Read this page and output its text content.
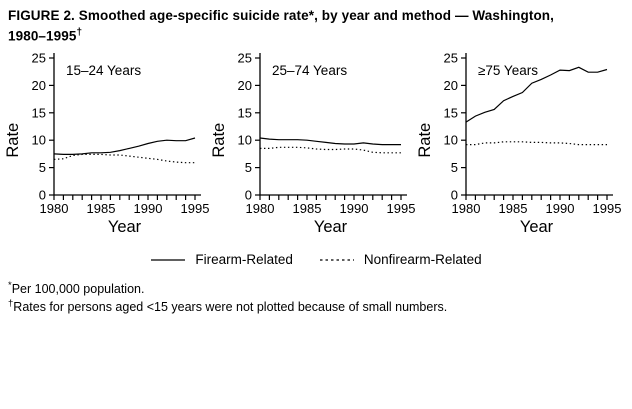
FIGURE 2. Smoothed age-specific suicide rate*, by year and method — Washington,
1980–1995†
0
5
10
15
20
25
1980 1985 1990 1995
15–24 Years
Year
Rate
0
5
10
15
20
25
1980 1985 1990 1995
25–74 Years
Year
Rate
0
5
10
15
20
25
1980 1985 1990 1995
≥75 Years
Year
Rate
Firearm-Related	Nonfirearm-Related
*Per 100,000 population.
†Rates for persons aged <15 years were not plotted because of small numbers.
